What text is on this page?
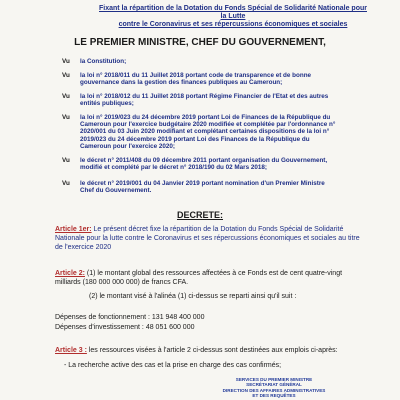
Fixant la répartition de la Dotation du Fonds Spécial de Solidarité Nationale pour la Lutte
contre le Coronavirus et ses répercussions économiques et sociales
LE PREMIER MINISTRE, CHEF DU GOUVERNEMENT,
Vu la Constitution;
Vu la loi n° 2018/011 du 11 Juillet 2018 portant code de transparence et de bonne gouvernance dans la gestion des finances publiques au Cameroun;
Vu la loi n° 2018/012 du 11 Juillet 2018 portant Régime Financier de l'Etat et des autres entités publiques;
Vu la loi n° 2019/023 du 24 décembre 2019 portant Loi de Finances de la République du Cameroun pour l'exercice budgétaire 2020 modifiée et complétée par l'ordonnance n° 2020/001 du 03 Juin 2020 modifiant et complétant certaines dispositions de la loi n° 2019/023 du 24 décembre 2019 portant Loi des Finances de la République du Cameroun pour l'exercice 2020;
Vu le décret n° 2011/408 du 09 décembre 2011 portant organisation du Gouvernement, modifié et complété par le décret n° 2018/190 du 02 Mars 2018;
Vu le décret n° 2019/001 du 04 Janvier 2019 portant nomination d'un Premier Ministre Chef du Gouvernement.
DECRETE:
Article 1er: Le présent décret fixe la répartition de la Dotation du Fonds Spécial de Solidarité Nationale pour la lutte contre le Coronavirus et ses répercussions économiques et sociales au titre de l'exercice 2020
Article 2: (1) le montant global des ressources affectées à ce Fonds est de cent quatre-vingt milliards (180 000 000 000) de francs CFA.
(2) le montant visé à l'alinéa (1) ci-dessus se reparti ainsi qu'il suit :
Dépenses de fonctionnement : 131 948 400 000
Dépenses d'investissement : 48 051 600 000
Article 3 : les ressources visées à l'article 2 ci-dessus sont destinées aux emplois ci-après:
- La recherche active des cas et la prise en charge des cas confirmés;
SERVICES DU PREMIER MINISTRE
SECRÉTARIAT GÉNÉRAL
DIRECTION DES AFFAIRES ADMINISTRATIVES
ET DES REQUÊTES
